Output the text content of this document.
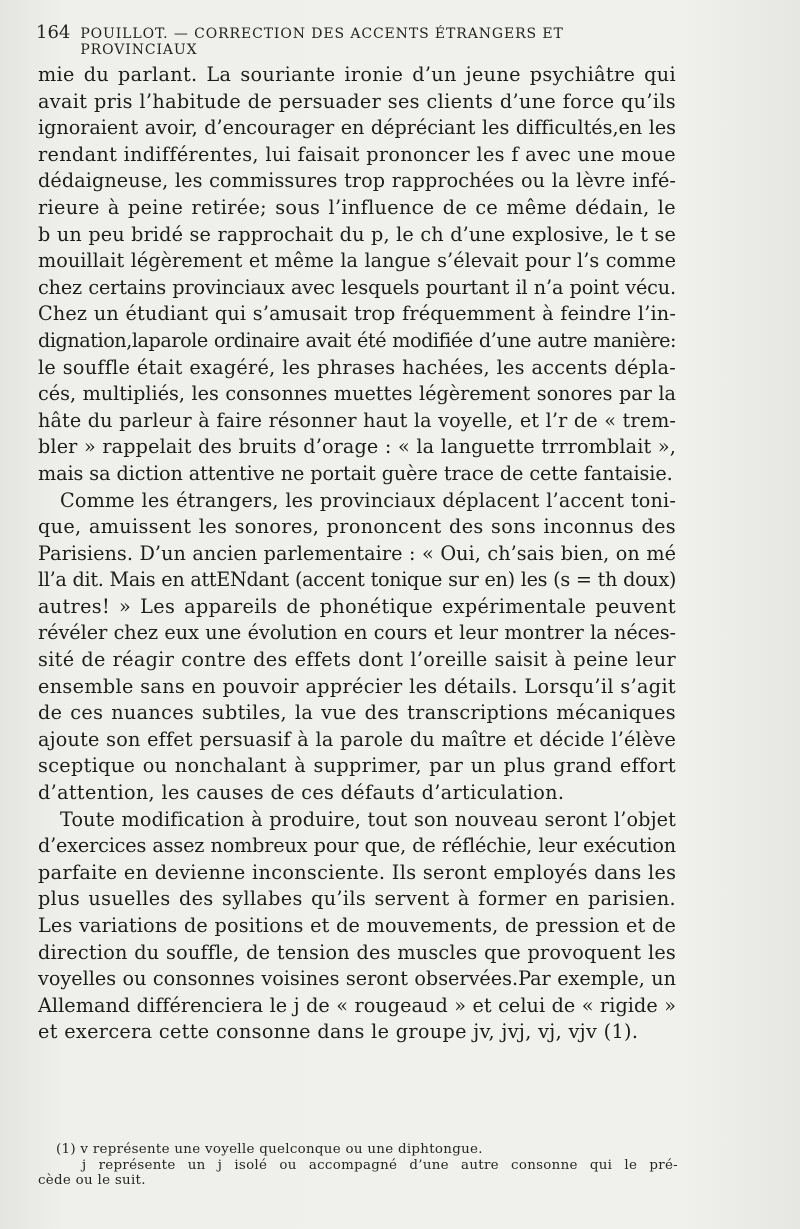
164 POUILLOT. — CORRECTION DES ACCENTS ÉTRANGERS ET PROVINCIAUX
mie du parlant. La souriante ironie d’un jeune psychiâtre qui
avait pris l’habitude de persuader ses clients d’une force qu’ils
ignoraient avoir, d’encourager en dépréciant les difficultés,en les
rendant indifférentes, lui faisait prononcer les f avec une moue
dédaigneuse, les commissures trop rapprochées ou la lèvre infé-
rieure à peine retirée; sous l’influence de ce même dédain, le
b un peu bridé se rapprochait du p, le ch d’une explosive, le t se
mouillait légèrement et même la langue s’élevait pour l’s comme
chez certains provinciaux avec lesquels pourtant il n’a point vécu.
Chez un étudiant qui s’amusait trop fréquemment à feindre l’in-
dignation,laparole ordinaire avait été modifiée d’une autre manière:
le souffle était exagéré, les phrases hachées, les accents dépla-
cés, multipliés, les consonnes muettes légèrement sonores par la
hâte du parleur à faire résonner haut la voyelle, et l’r de « trem-
bler » rappelait des bruits d’orage : « la languette trrromblait »,
mais sa diction attentive ne portait guère trace de cette fantaisie.
Comme les étrangers, les provinciaux déplacent l’accent toni-
que, amuissent les sonores, prononcent des sons inconnus des
Parisiens. D’un ancien parlementaire : « Oui, ch’sais bien, on mé
ll’a dit. Mais en attENdant (accent tonique sur en) les (s = th doux)
autres! » Les appareils de phonétique expérimentale peuvent
révéler chez eux une évolution en cours et leur montrer la néces-
sité de réagir contre des effets dont l’oreille saisit à peine leur
ensemble sans en pouvoir apprécier les détails. Lorsqu’il s’agit
de ces nuances subtiles, la vue des transcriptions mécaniques
ajoute son effet persuasif à la parole du maître et décide l’élève
sceptique ou nonchalant à supprimer, par un plus grand effort
d’attention, les causes de ces défauts d’articulation.
Toute modification à produire, tout son nouveau seront l’objet
d’exercices assez nombreux pour que, de réfléchie, leur exécution
parfaite en devienne inconsciente. Ils seront employés dans les
plus usuelles des syllabes qu’ils servent à former en parisien.
Les variations de positions et de mouvements, de pression et de
direction du souffle, de tension des muscles que provoquent les
voyelles ou consonnes voisines seront observées.Par exemple, un
Allemand différenciera le j de « rougeaud » et celui de « rigide »
et exercera cette consonne dans le groupe jv, jvj, vj, vjv (1).
(1) v représente une voyelle quelconque ou une diphtongue.
j représente un j isolé ou accompagné d’une autre consonne qui le pré-
cède ou le suit.
